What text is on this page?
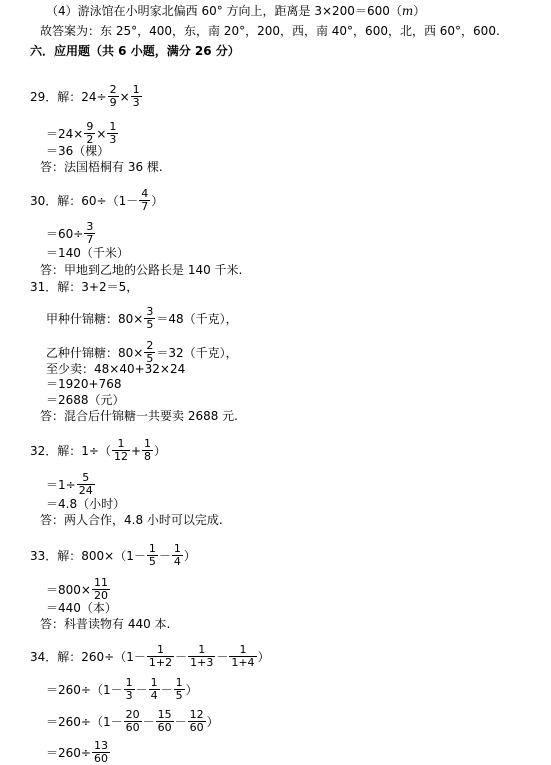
（4）游泳馆在小明家北偏西 60° 方向上，距离是 3×200＝600（ m ）
故答案为：东 25°，400，东，南 20°，200，西，南 40°，600，北，西 60°，600.
六．应用题（共 6 小题，满分 26 分）
29．解：$24\div \frac{2}{9} \times \frac{1}{3}$
$=24\times \frac{9}{2} \times \frac{1}{3}$
＝36（棵）
答：法国梧桐有 36 棵.
30．解：$60\div(1- \frac{4}{7}$ ）
$=60\div \frac{3}{7}$
＝140（千米）
答：甲地到乙地的公路长是 140 千米.
31．解：3+2＝5，
甲种什锦糖：$80\times \frac{3}{5} =48$（千克），
乙种什锦糖：$80\times \frac{2}{5} =32$（千克），
至少卖：48×40+32×24
＝1920+768
＝2688（元）
答：混合后什锦糖一共要卖 2688 元.
32．解：$1\div( \frac{1}{12} + \frac{1}{8}$ ）
$=1\div \frac{5}{24}$
＝4.8（小时）
答：两人合作，4.8 小时可以完成.
33．解：$800\times(1- \frac{1}{5} - \frac{1}{4}$ ）
$=800\times \frac{11}{20}$
＝440（本）
答：科普读物有 440 本.
34．解：$260\div(1- \frac{1}{1+2} - \frac{1}{1+3} - \frac{1}{1+4}$ ）
$=260\div(1- \frac{1}{3} - \frac{1}{4} - \frac{1}{5}$ ）
$=260\div(1- \frac{20}{60} - \frac{15}{60} - \frac{12}{60}$ ）
$=260\div \frac{13}{60}$
